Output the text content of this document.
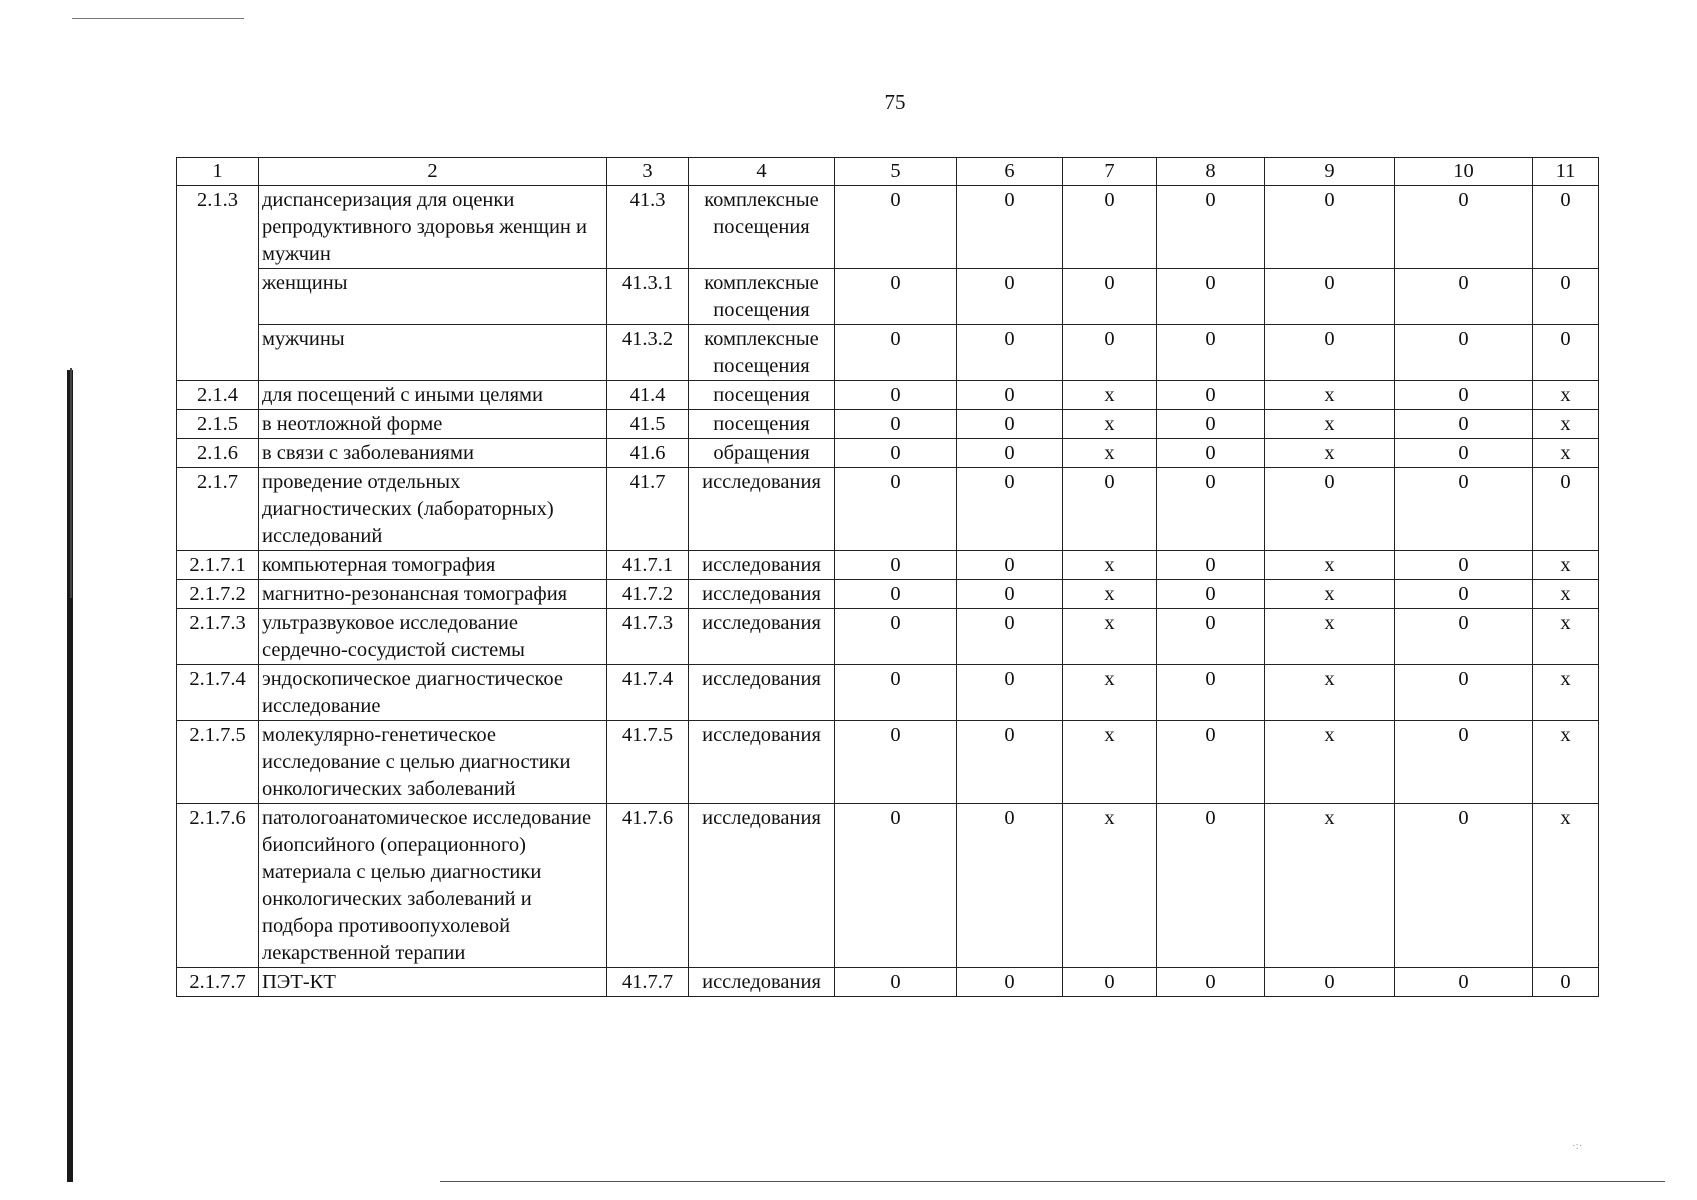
·:·
75
1	2	3	4	5	6	7	8	9	10	11
2.1.3	диспансеризация для оценки репродуктивного здоровья женщин и мужчин	41.3	комплексные посещения	0	0	0	0	0	0	0
	женщины	41.3.1	комплексные посещения	0	0	0	0	0	0	0
	мужчины	41.3.2	комплексные посещения	0	0	0	0	0	0	0
2.1.4	для посещений с иными целями	41.4	посещения	0	0	х	0	х	0	х
2.1.5	в неотложной форме	41.5	посещения	0	0	х	0	х	0	х
2.1.6	в связи с заболеваниями	41.6	обращения	0	0	х	0	х	0	х
2.1.7	проведение отдельных диагностических (лабораторных) исследований	41.7	исследования	0	0	0	0	0	0	0
2.1.7.1	компьютерная томография	41.7.1	исследования	0	0	х	0	х	0	х
2.1.7.2	магнитно-резонансная томография	41.7.2	исследования	0	0	х	0	х	0	х
2.1.7.3	ультразвуковое исследование сердечно-сосудистой системы	41.7.3	исследования	0	0	х	0	х	0	х
2.1.7.4	эндоскопическое диагностическое исследование	41.7.4	исследования	0	0	х	0	х	0	х
2.1.7.5	молекулярно-генетическое исследование с целью диагностики онкологических заболеваний	41.7.5	исследования	0	0	х	0	х	0	х
2.1.7.6	патологоанатомическое исследование биопсийного (операционного) материала с целью диагностики онкологических заболеваний и подбора противоопухолевой лекарственной терапии	41.7.6	исследования	0	0	х	0	х	0	х
2.1.7.7	ПЭТ-КТ	41.7.7	исследования	0	0	0	0	0	0	0
